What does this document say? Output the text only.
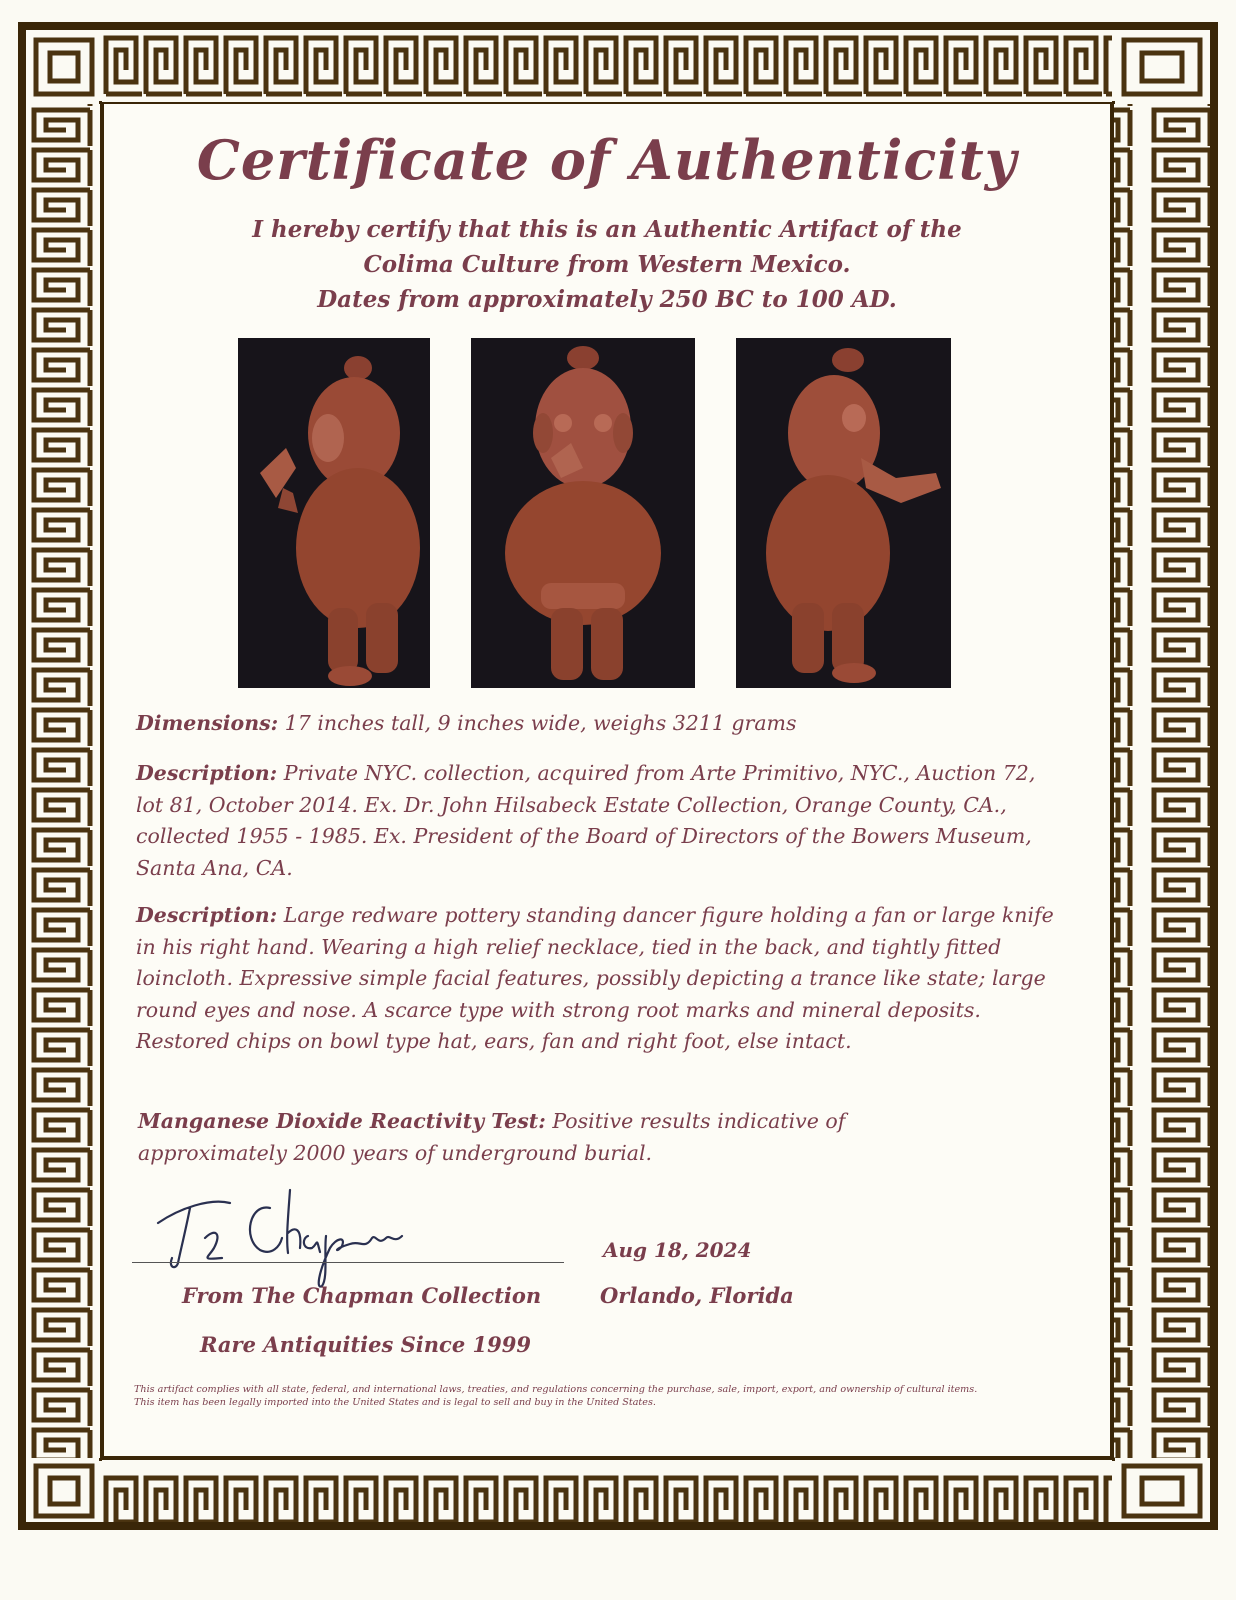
Certificate of Authenticity
I hereby certify that this is an Authentic Artifact of the
Colima Culture from Western Mexico.
Dates from approximately 250 BC to 100 AD.
Dimensions: 17 inches tall, 9 inches wide, weighs 3211 grams
Description: Private NYC. collection, acquired from Arte Primitivo, NYC., Auction 72, lot 81, October 2014. Ex. Dr. John Hilsabeck Estate Collection, Orange County, CA., collected 1955 - 1985. Ex. President of the Board of Directors of the Bowers Museum, Santa Ana, CA.
Description: Large redware pottery standing dancer figure holding a fan or large knife in his right hand. Wearing a high relief necklace, tied in the back, and tightly fitted loincloth. Expressive simple facial features, possibly depicting a trance like state; large round eyes and nose. A scarce type with strong root marks and mineral deposits. Restored chips on bowl type hat, ears, fan and right foot, else intact.
Manganese Dioxide Reactivity Test: Positive results indicative of approximately 2000 years of underground burial.
Aug 18, 2024
From The Chapman Collection	Orlando, Florida
Rare Antiquities Since 1999
This artifact complies with all state, federal, and international laws, treaties, and regulations concerning the purchase, sale, import, export, and ownership of cultural items.
This item has been legally imported into the United States and is legal to sell and buy in the United States.
